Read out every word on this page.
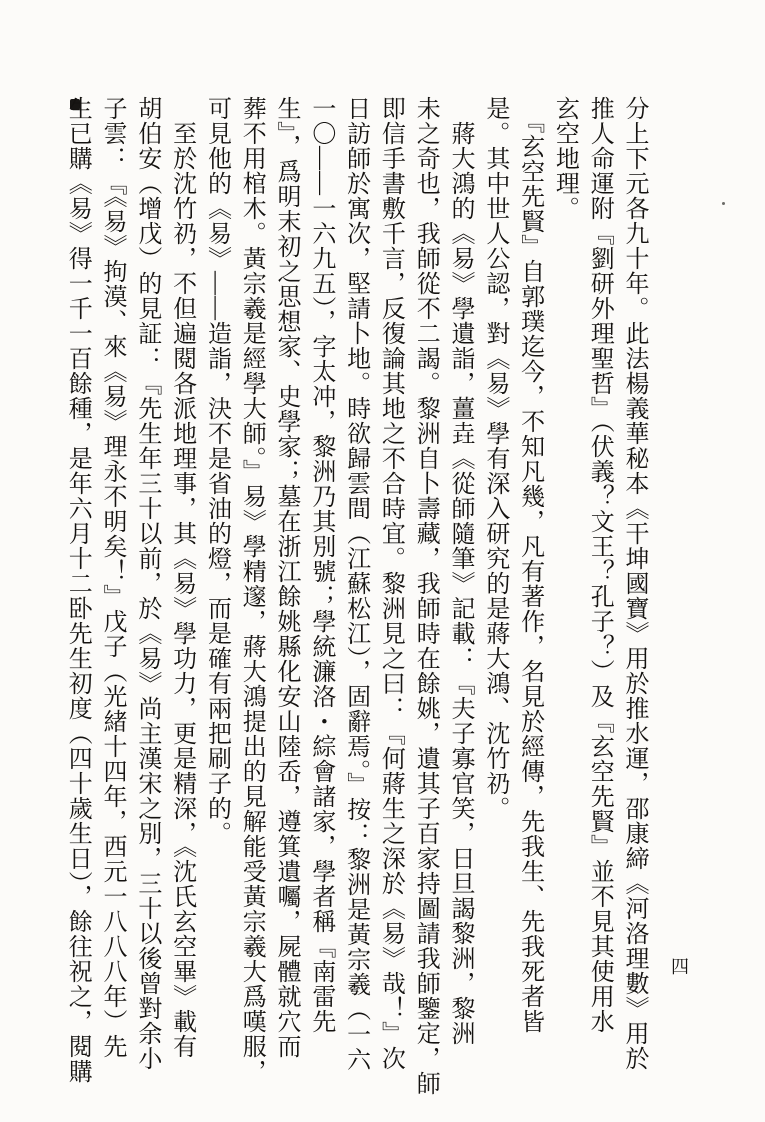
分上下元各九十年。此法楊義華秘本《干坤國寶》用於推水運，邵康締《河洛理數》用於

推人命運附『劉研外理聖哲』（伏義？文王？孔子？）及『玄空先賢』並不見其使用水

玄空地理。

　『玄空先賢』自郭璞迄今，不知凡幾，凡有著作，名見於經傳，先我生、先我死者皆

是。其中世人公認，對《易》學有深入研究的是蔣大鴻、沈竹礽。

　蔣大鴻的《易》學遺詣，薑垚《從師隨筆》記載：『夫子寡官笑，日旦謁黎洲，黎洲

未之奇也，我師從不二謁。黎洲自卜壽藏，我師時在餘姚，遺其子百家持圖請我師鑒定，師

即信手書敷千言，反復論其地之不合時宜。黎洲見之曰：『何蔣生之深於《易》哉！』次

日訪師於寓次，堅請卜地。時欲歸雲間（江蘇松江），固辭焉。』按：黎洲是黃宗羲（一六

一〇——一六九五），字太冲，黎洲乃其別號；學統濂洛・綜會諸家，學者稱『南雷先

生』，爲明末初之思想家、史學家；墓在浙江餘姚縣化安山陸岙，遵箕遺囑，屍體就穴而

葬不用棺木。黃宗羲是經學大師。』易》學精邃，蔣大鴻提出的見解能受黃宗羲大爲嘆服，

可見他的《易》——造詣，決不是省油的燈，而是確有兩把刷子的。

　至於沈竹礽，不但遍閱各派地理事，其《易》學功力，更是精深，《沈氏玄空畢》載有

胡伯安（增戊）的見証：『先生年三十以前，於《易》尚主漢宋之別，三十以後曾對余小

子雲：『《易》拘漠、來《易》理永不明矣！』戊子（光緒十四年，西元一八八八年）先

生已購《易》得一千一百餘種，是年六月十二卧先生初度（四十歲生日），餘往祝之，閱購	四
